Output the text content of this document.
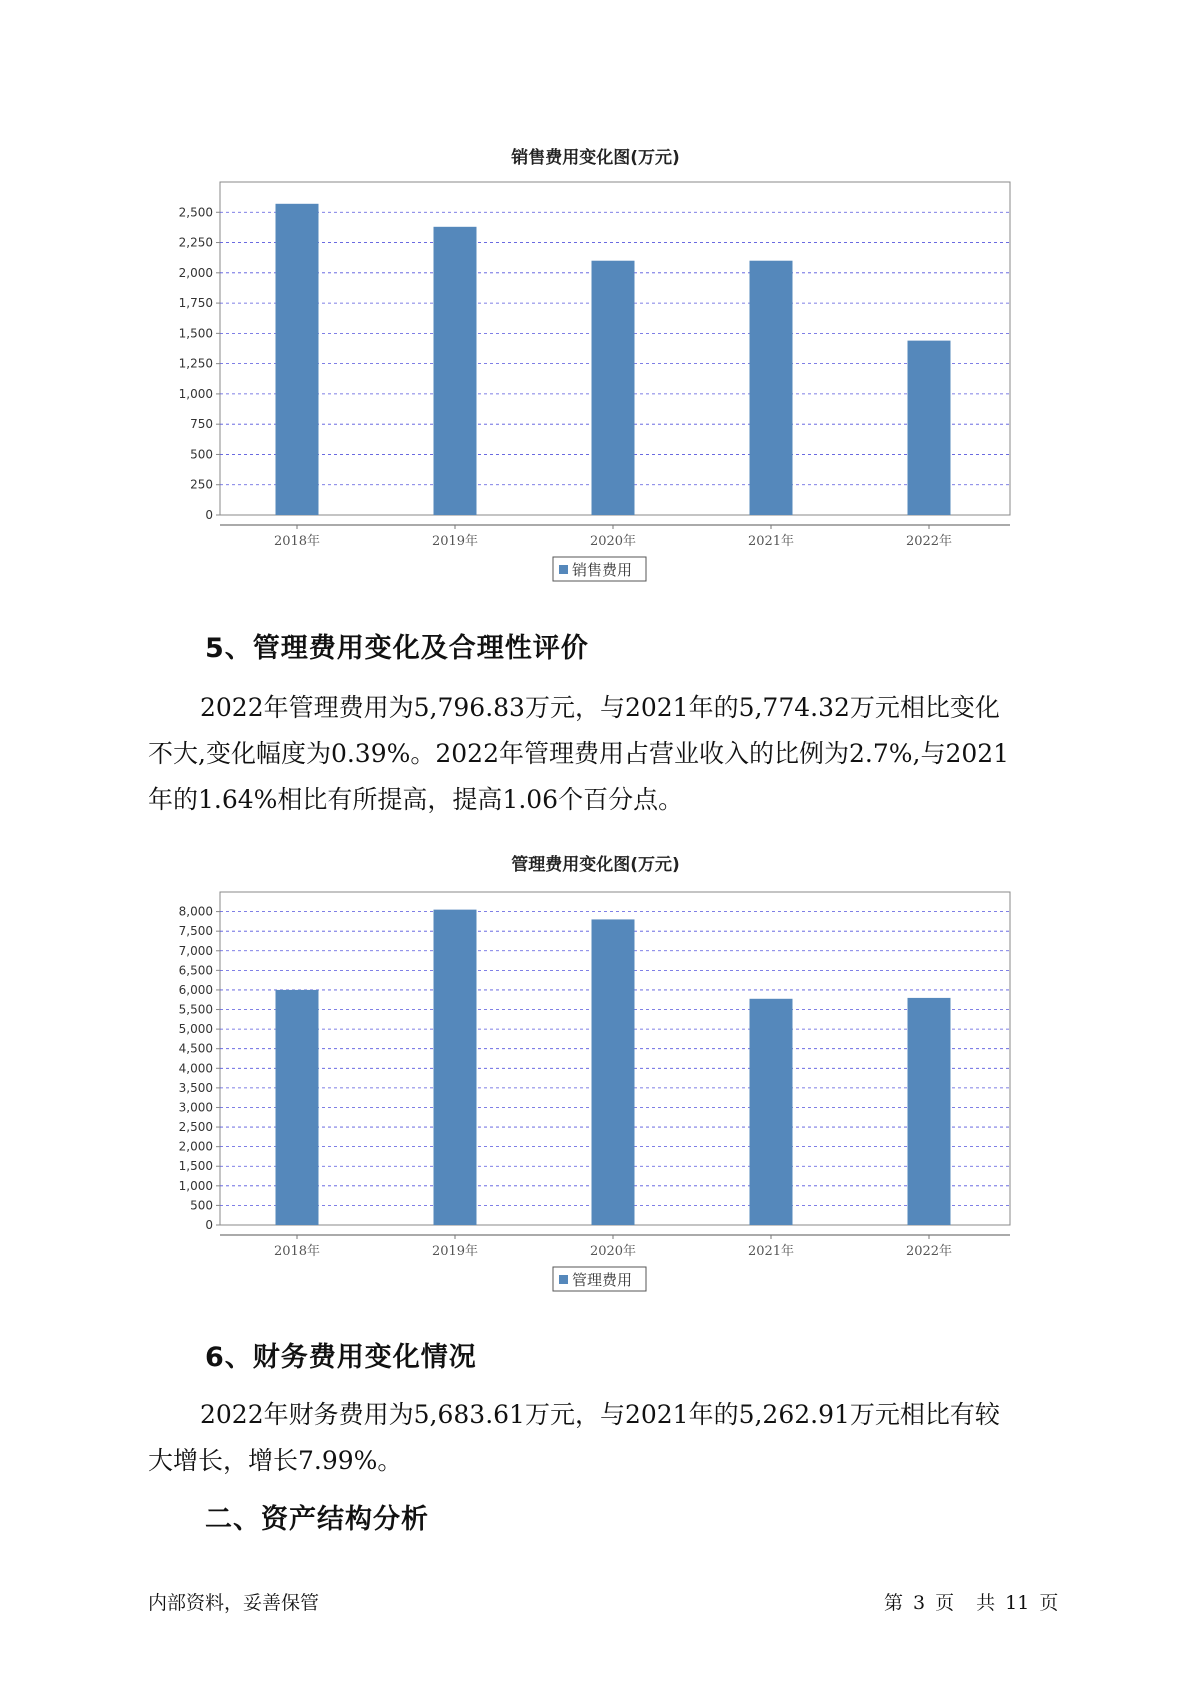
销售费用变化图(万元)
0
250
500
750
1,000
1,250
1,500
1,750
2,000
2,250
2,500
2018年	2019年	2020年	2021年	2022年
销售费用
5、管理费用变化及合理性评价
2022年管理费用为5,796.83万元，与2021年的5,774.32万元相比变化
不大,变化幅度为0.39%。2022年管理费用占营业收入的比例为2.7%,与2021
年的1.64%相比有所提高，提高1.06个百分点。
管理费用变化图(万元)
0
500
1,000
1,500
2,000
2,500
3,000
3,500
4,000
4,500
5,000
5,500
6,000
6,500
7,000
7,500
8,000
2018年	2019年	2020年	2021年	2022年
管理费用
6、财务费用变化情况
2022年财务费用为5,683.61万元，与2021年的5,262.91万元相比有较
大增长，增长7.99%。
二、资产结构分析
内部资料，妥善保管	第 3 页 共 11 页
